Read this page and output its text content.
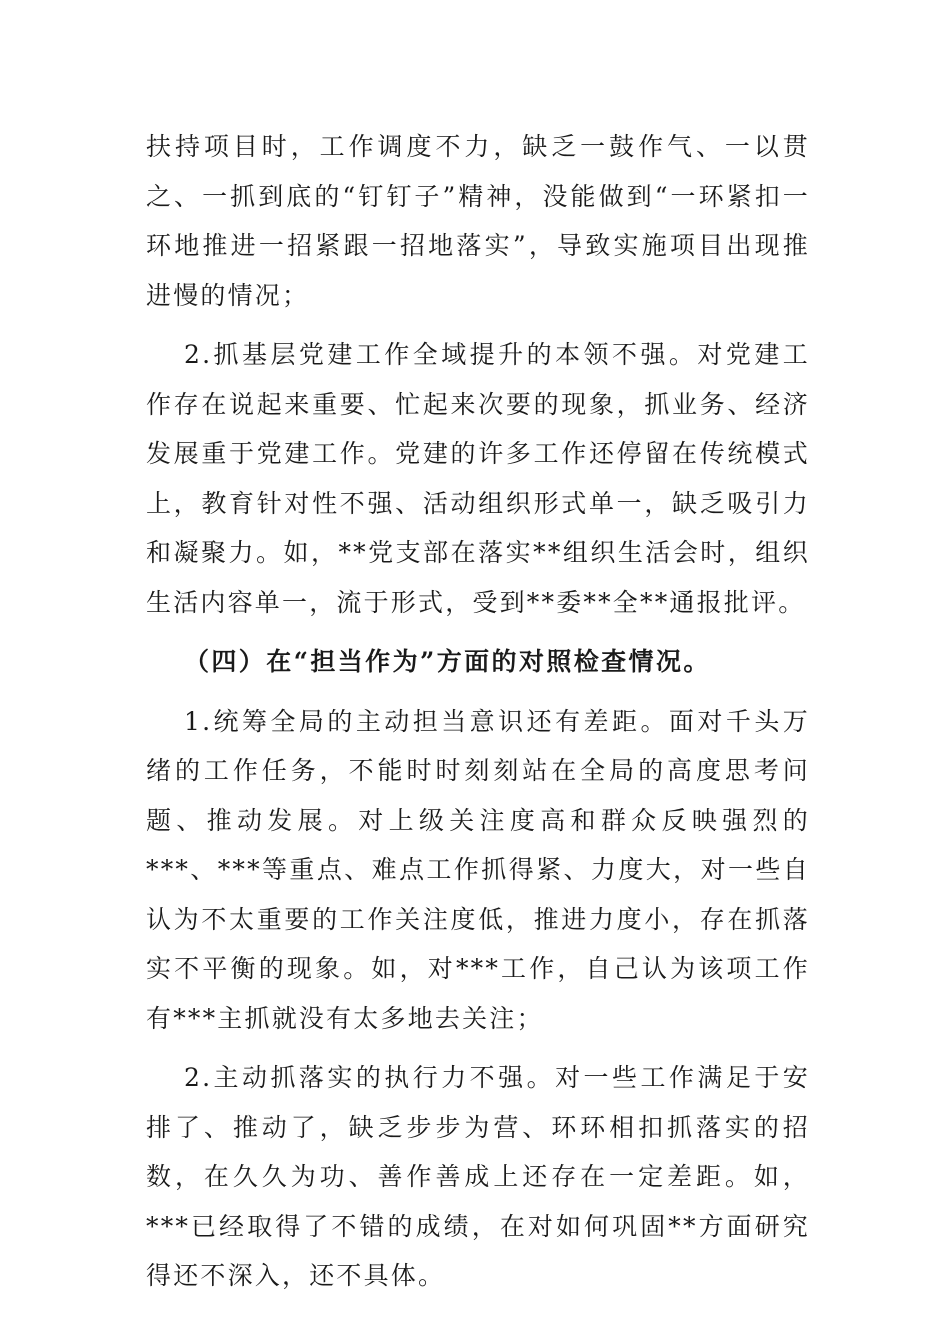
扶持项目时，工作调度不力，缺乏一鼓作气、一以贯之、一抓到底的“钉钉子”精神，没能做到“一环紧扣一环地推进一招紧跟一招地落实”，导致实施项目出现推进慢的情况；

2.抓基层党建工作全域提升的本领不强。对党建工作存在说起来重要、忙起来次要的现象，抓业务、经济发展重于党建工作。党建的许多工作还停留在传统模式上，教育针对性不强、活动组织形式单一，缺乏吸引力和凝聚力。如，**党支部在落实**组织生活会时，组织生活内容单一，流于形式，受到**委**全**通报批评。

（四）在“担当作为”方面的对照检查情况。

1.统筹全局的主动担当意识还有差距。面对千头万绪的工作任务，不能时时刻刻站在全局的高度思考问题、推动发展。对上级关注度高和群众反映强烈的***、***等重点、难点工作抓得紧、力度大，对一些自认为不太重要的工作关注度低，推进力度小，存在抓落实不平衡的现象。如，对***工作，自己认为该项工作有***主抓就没有太多地去关注；

2.主动抓落实的执行力不强。对一些工作满足于安排了、推动了，缺乏步步为营、环环相扣抓落实的招数，在久久为功、善作善成上还存在一定差距。如，***已经取得了不错的成绩，在对如何巩固**方面研究得还不深入，还不具体。
